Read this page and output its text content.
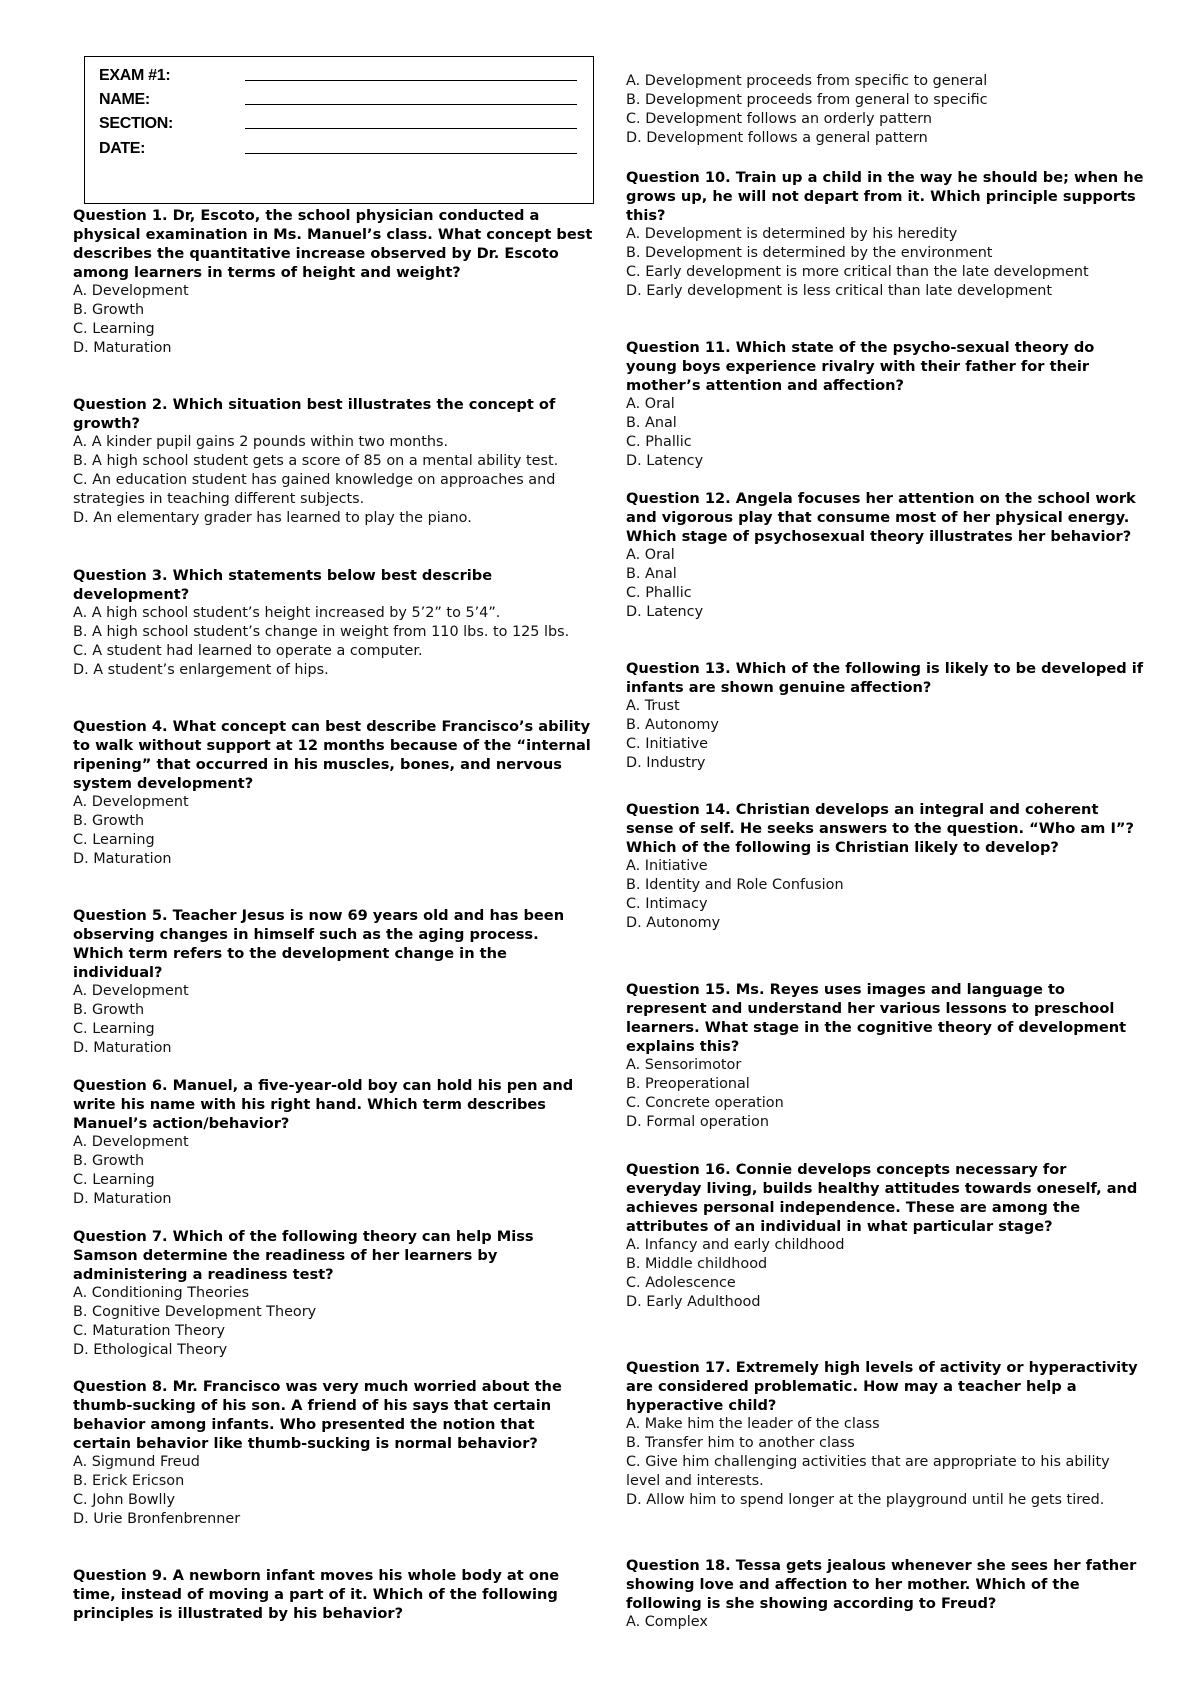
EXAM #1:
NAME:
SECTION:
DATE:

Question 1. Dr, Escoto, the school physician conducted a physical examination in Ms. Manuel’s class. What concept best describes the quantitative increase observed by Dr. Escoto among learners in terms of height and weight?

A. Development

B. Growth

C. Learning

D. Maturation

Question 2. Which situation best illustrates the concept of growth?

A. A kinder pupil gains 2 pounds within two months.

B. A high school student gets a score of 85 on a mental ability test.

C. An education student has gained knowledge on approaches and strategies in teaching different subjects.

D. An elementary grader has learned to play the piano.

Question 3. Which statements below best describe development?

A. A high school student’s height increased by 5’2” to 5’4”.

B. A high school student’s change in weight from 110 lbs. to 125 lbs.

C. A student had learned to operate a computer.

D. A student’s enlargement of hips.

Question 4. What concept can best describe Francisco’s ability to walk without support at 12 months because of the “internal ripening” that occurred in his muscles, bones, and nervous system development?

A. Development

B. Growth

C. Learning

D. Maturation

Question 5. Teacher Jesus is now 69 years old and has been observing changes in himself such as the aging process. Which term refers to the development change in the individual?

A. Development

B. Growth

C. Learning

D. Maturation

Question 6. Manuel, a five-year-old boy can hold his pen and write his name with his right hand. Which term describes Manuel’s action/behavior?

A. Development

B. Growth

C. Learning

D. Maturation

Question 7. Which of the following theory can help Miss Samson determine the readiness of her learners by administering a readiness test?

A. Conditioning Theories

B. Cognitive Development Theory

C. Maturation Theory

D. Ethological Theory

Question 8. Mr. Francisco was very much worried about the thumb-sucking of his son. A friend of his says that certain behavior among infants. Who presented the notion that certain behavior like thumb-sucking is normal behavior?

A. Sigmund Freud

B. Erick Ericson

C. John Bowlly

D. Urie Bronfenbrenner

Question 9. A newborn infant moves his whole body at one time, instead of moving a part of it. Which of the following principles is illustrated by his behavior?

A. Development proceeds from specific to general

B. Development proceeds from general to specific

C. Development follows an orderly pattern

D. Development follows a general pattern

Question 10. Train up a child in the way he should be; when he grows up, he will not depart from it. Which principle supports this?

A. Development is determined by his heredity

B. Development is determined by the environment

C. Early development is more critical than the late development

D. Early development is less critical than late development

Question 11. Which state of the psycho-sexual theory do young boys experience rivalry with their father for their mother’s attention and affection?

A. Oral

B. Anal

C. Phallic

D. Latency

Question 12. Angela focuses her attention on the school work and vigorous play that consume most of her physical energy. Which stage of psychosexual theory illustrates her behavior?

A. Oral

B. Anal

C. Phallic

D. Latency

Question 13. Which of the following is likely to be developed if infants are shown genuine affection?

A. Trust

B. Autonomy

C. Initiative

D. Industry

Question 14. Christian develops an integral and coherent sense of self. He seeks answers to the question. “Who am I”? Which of the following is Christian likely to develop?

A. Initiative

B. Identity and Role Confusion

C. Intimacy

D. Autonomy

Question 15. Ms. Reyes uses images and language to represent and understand her various lessons to preschool learners. What stage in the cognitive theory of development explains this?

A. Sensorimotor

B. Preoperational

C. Concrete operation

D. Formal operation

Question 16. Connie develops concepts necessary for everyday living, builds healthy attitudes towards oneself, and achieves personal independence. These are among the attributes of an individual in what particular stage?

A. Infancy and early childhood

B. Middle childhood

C. Adolescence

D. Early Adulthood

Question 17. Extremely high levels of activity or hyperactivity are considered problematic. How may a teacher help a hyperactive child?

A. Make him the leader of the class

B. Transfer him to another class

C. Give him challenging activities that are appropriate to his ability level and interests.

D. Allow him to spend longer at the playground until he gets tired.

Question 18. Tessa gets jealous whenever she sees her father showing love and affection to her mother. Which of the following is she showing according to Freud?

A. Complex
